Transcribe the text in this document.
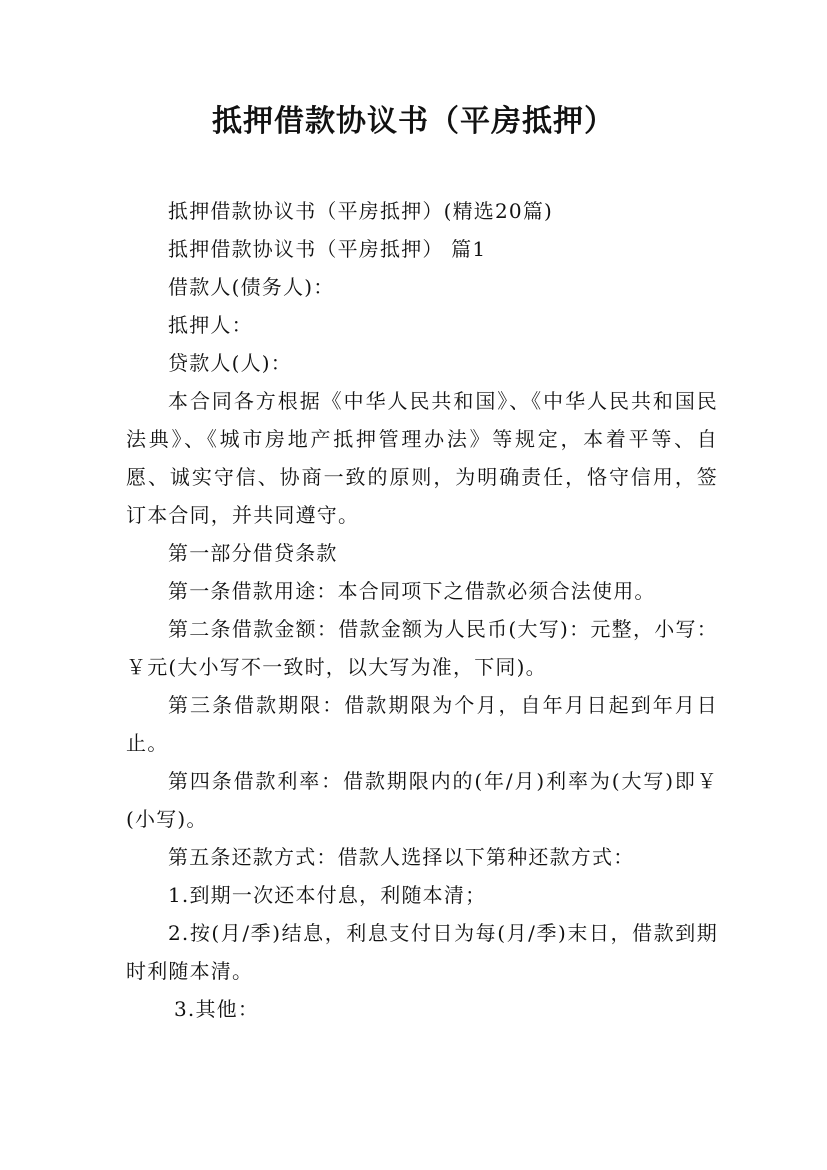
抵押借款协议书（平房抵押）

抵押借款协议书（平房抵押）(精选20篇)

抵押借款协议书（平房抵押） 篇1

借款人(债务人)：

抵押人：

贷款人(人)：

本合同各方根据《中华人民共和国》、《中华人民共和国民法典》、《城市房地产抵押管理办法》等规定，本着平等、自愿、诚实守信、协商一致的原则，为明确责任，恪守信用，签订本合同，并共同遵守。

第一部分借贷条款

第一条借款用途：本合同项下之借款必须合法使用。

第二条借款金额：借款金额为人民币(大写)：元整，小写：￥元(大小写不一致时，以大写为准，下同)。

第三条借款期限：借款期限为个月，自年月日起到年月日止。

第四条借款利率：借款期限内的(年/月)利率为(大写)即￥(小写)。

第五条还款方式：借款人选择以下第种还款方式：

1.到期一次还本付息，利随本清；

2.按(月/季)结息，利息支付日为每(月/季)末日，借款到期时利随本清。

3.其他：
